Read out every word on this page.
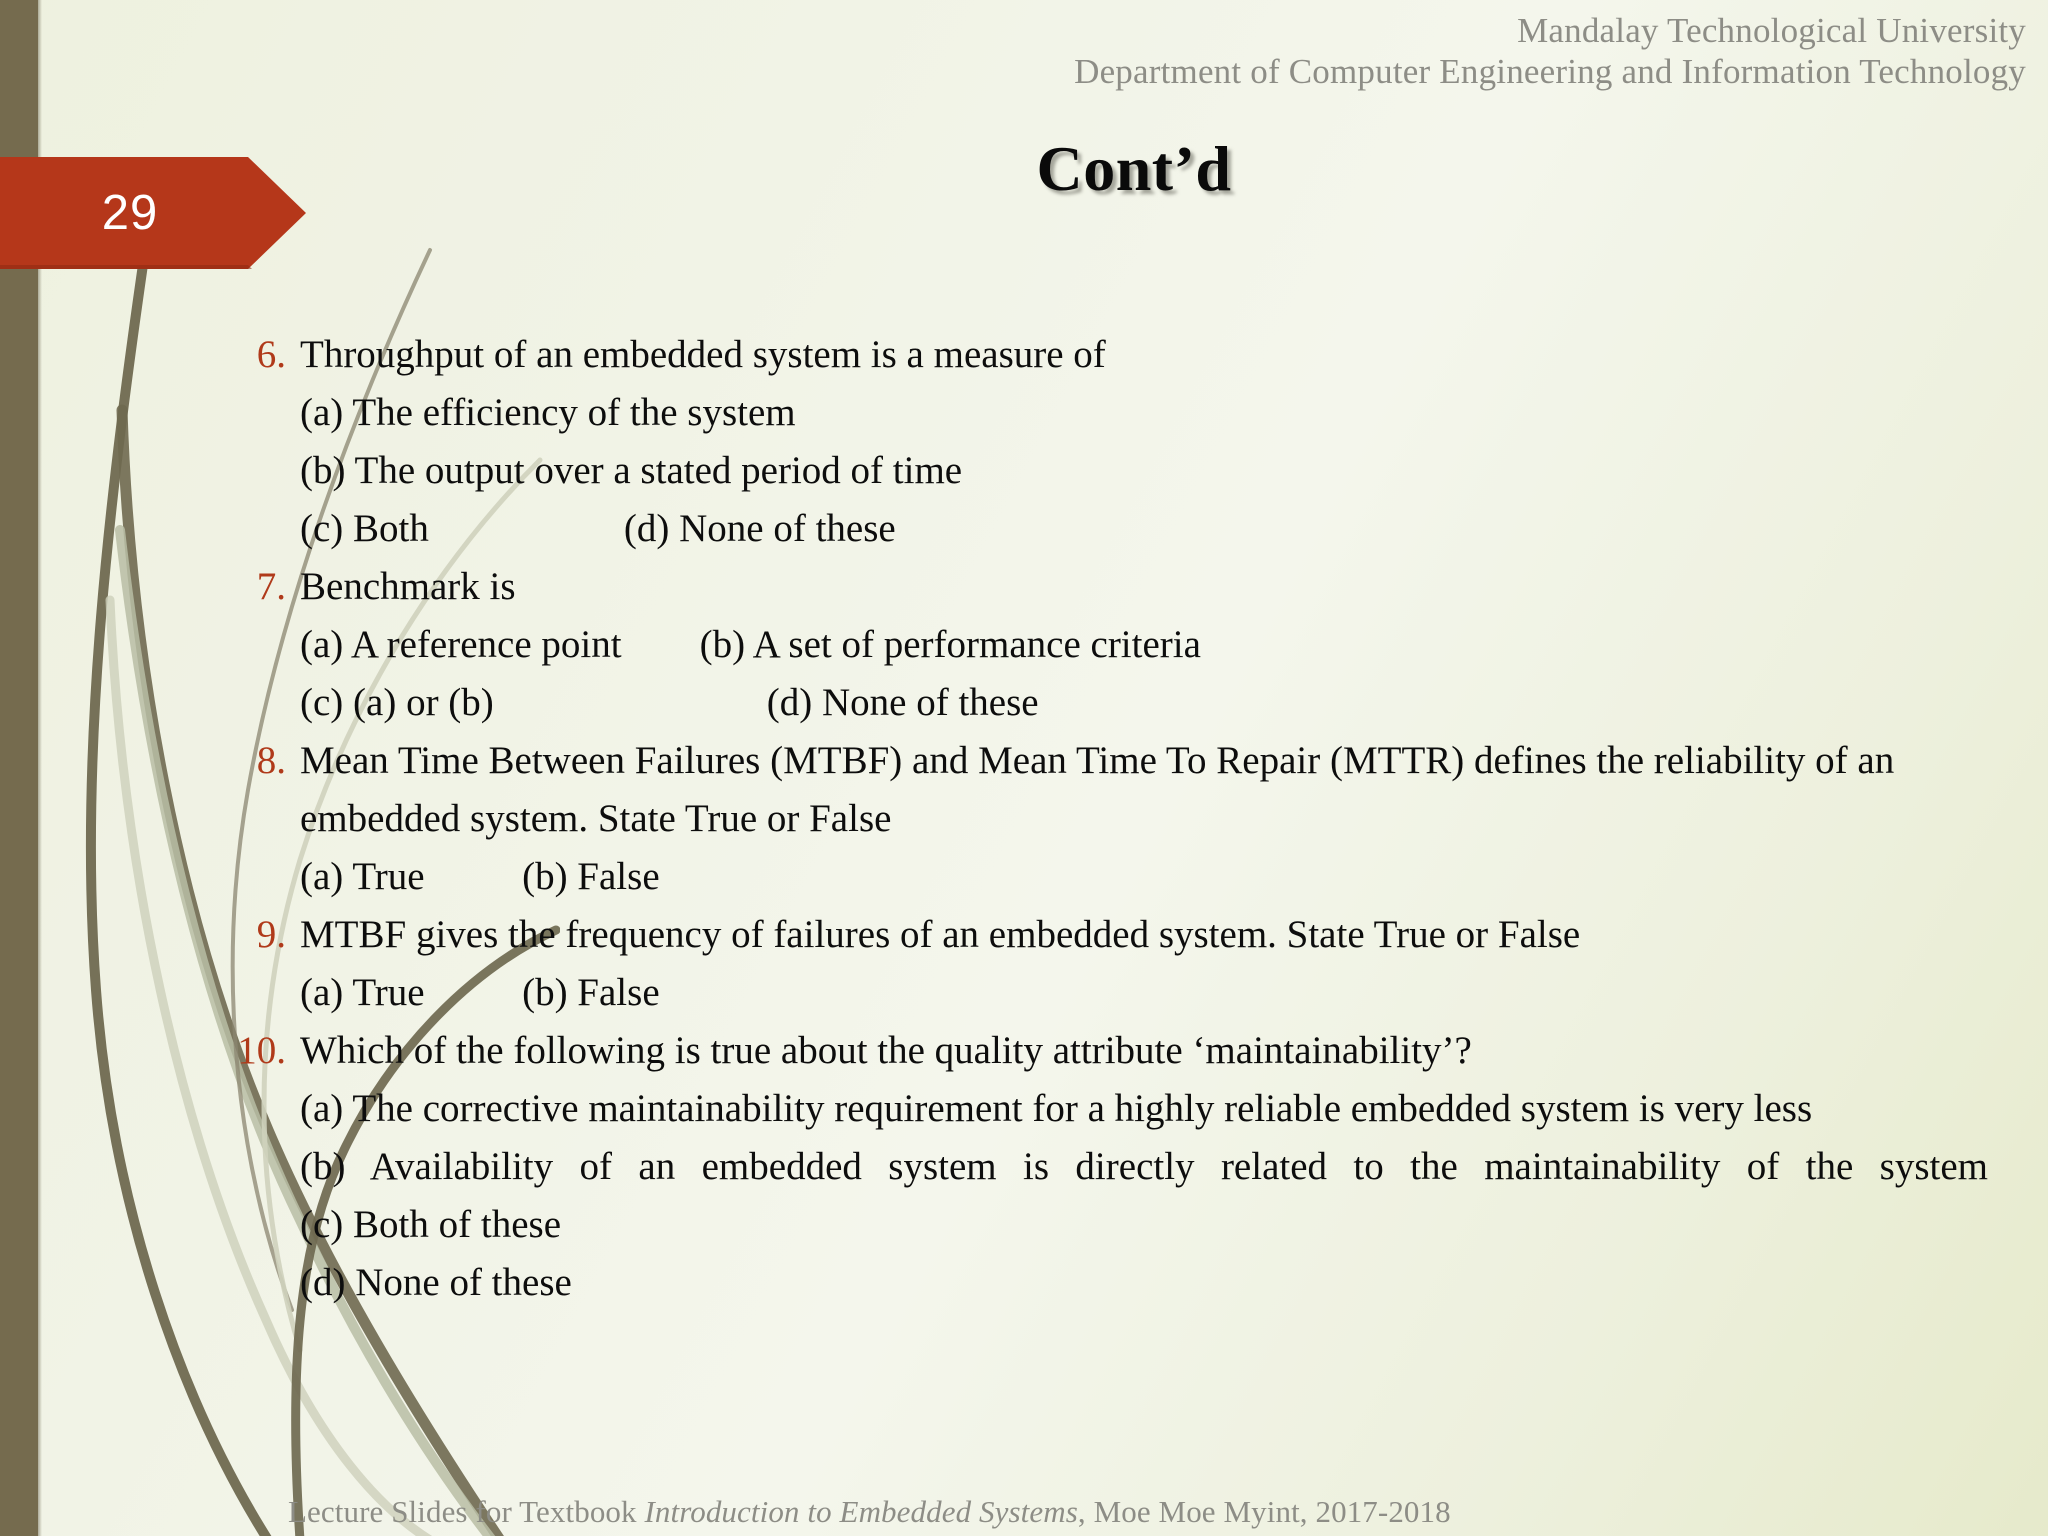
29
Mandalay Technological University
Department of Computer Engineering and Information Technology
Cont’d
6. Throughput of an embedded system is a measure of
(a) The efficiency of the system
(b) The output over a stated period of time
(c) Both                    (d) None of these
7. Benchmark is
(a) A reference point        (b) A set of performance criteria
(c) (a) or (b)                            (d) None of these
8. Mean Time Between Failures (MTBF) and Mean Time To Repair (MTTR) defines the reliability of an embedded system. State True or False
(a) True          (b) False
9. MTBF gives the frequency of failures of an embedded system. State True or False
(a) True          (b) False
10. Which of the following is true about the quality attribute ‘maintainability’?
(a) The corrective maintainability requirement for a highly reliable embedded system is very less
(b) Availability of an embedded system is directly related to the maintainability of the system
(c) Both of these
(d) None of these
Lecture Slides for Textbook Introduction to Embedded Systems, Moe Moe Myint, 2017-2018
